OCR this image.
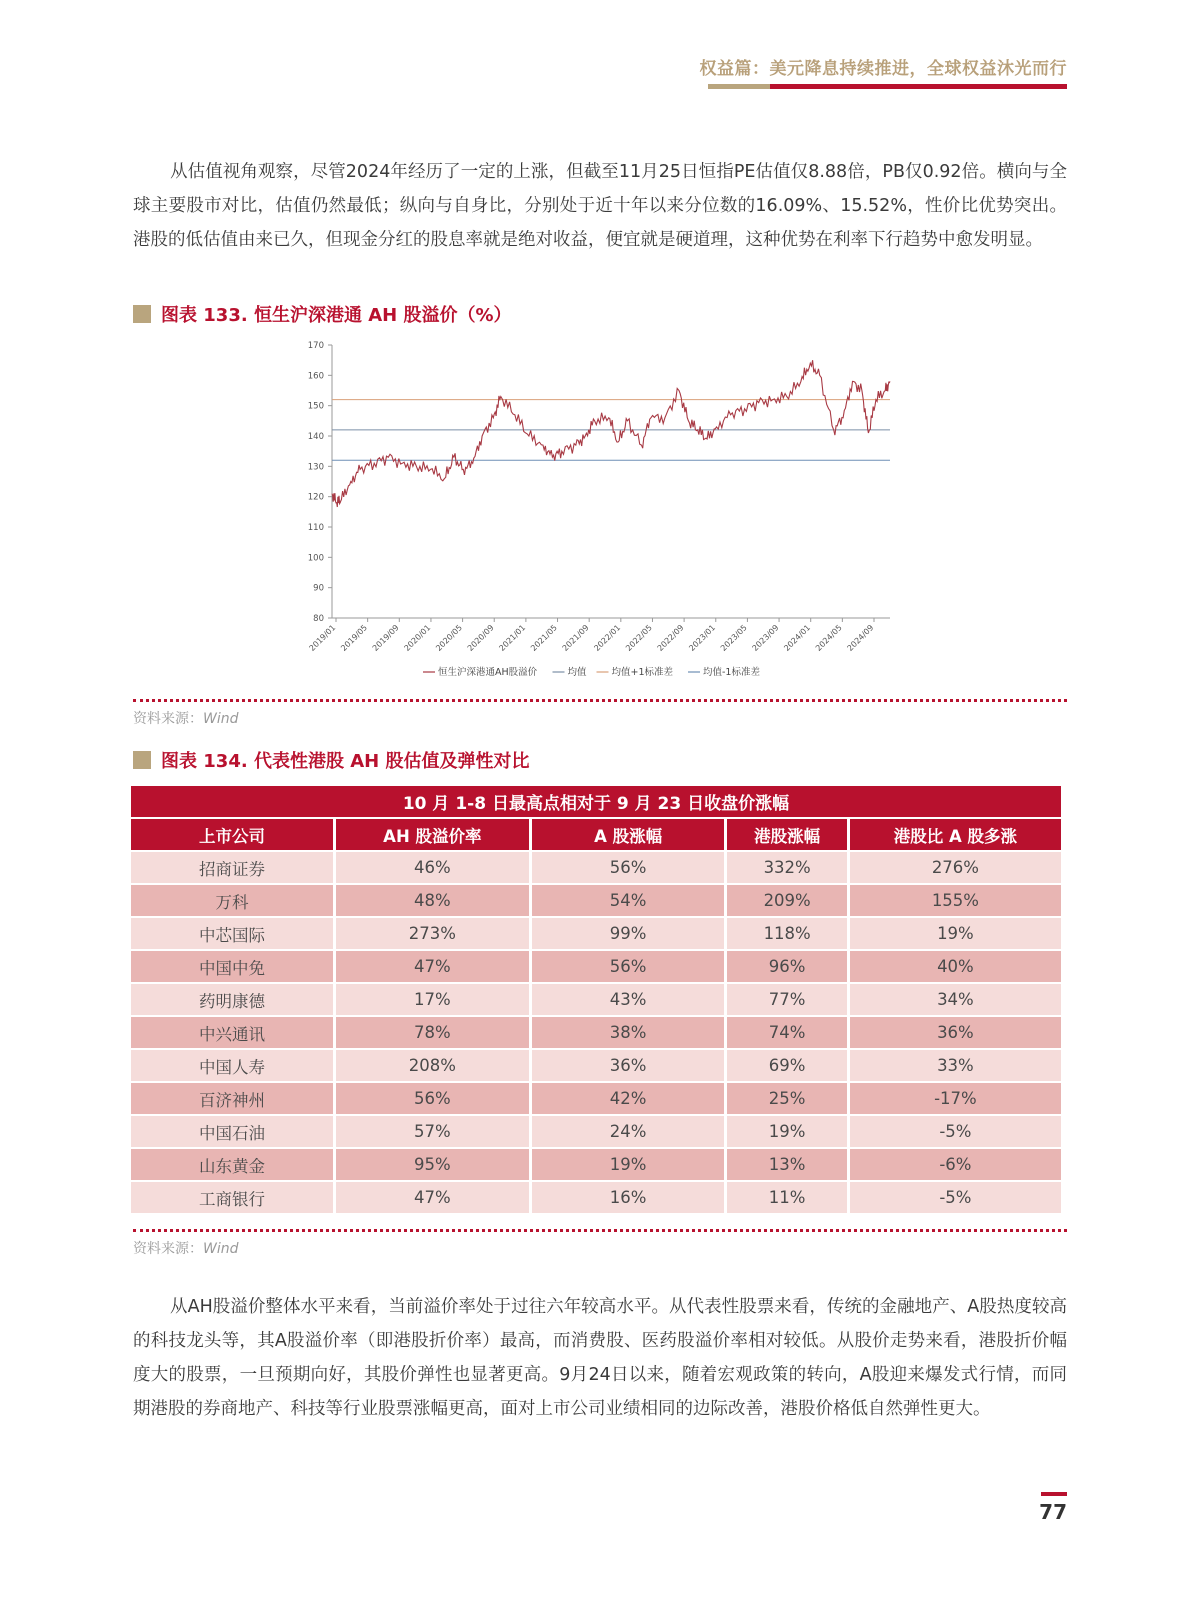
权益篇：美元降息持续推进，全球权益沐光而行

从估值视角观察，尽管2024年经历了一定的上涨，但截至11月25日恒指PE估值仅8.88倍，PB仅0.92倍。横向与全球主要股市对比，估值仍然最低；纵向与自身比，分别处于近十年以来分位数的16.09%、15.52%，性价比优势突出。港股的低估值由来已久，但现金分红的股息率就是绝对收益，便宜就是硬道理，这种优势在利率下行趋势中愈发明显。

图表 133. 恒生沪深港通 AH 股溢价（%）
80
90
100
110
120
130
140
150
160
170
2019/01 2019/05 2019/09 2020/01 2020/05 2020/09 2021/01 2021/05 2021/09 2022/01 2022/05 2022/09 2023/01 2023/05 2023/09 2024/01 2024/05 2024/09
恒生沪深港通AH股溢价	均值	均值+1标准差	均值-1标准差
资料来源：Wind
图表 134. 代表性港股 AH 股估值及弹性对比
10 月 1-8 日最高点相对于 9 月 23 日收盘价涨幅				
上市公司	AH 股溢价率	A 股涨幅	港股涨幅	港股比 A 股多涨
招商证券	46%	56%	332%	276%
万科	48%	54%	209%	155%
中芯国际	273%	99%	118%	19%
中国中免	47%	56%	96%	40%
药明康德	17%	43%	77%	34%
中兴通讯	78%	38%	74%	36%
中国人寿	208%	36%	69%	33%
百济神州	56%	42%	25%	-17%
中国石油	57%	24%	19%	-5%
山东黄金	95%	19%	13%	-6%
工商银行	47%	16%	11%	-5%
资料来源：Wind

从AH股溢价整体水平来看，当前溢价率处于过往六年较高水平。从代表性股票来看，传统的金融地产、A股热度较高的科技龙头等，其A股溢价率（即港股折价率）最高，而消费股、医药股溢价率相对较低。从股价走势来看，港股折价幅度大的股票，一旦预期向好，其股价弹性也显著更高。9月24日以来，随着宏观政策的转向，A股迎来爆发式行情，而同期港股的券商地产、科技等行业股票涨幅更高，面对上市公司业绩相同的边际改善，港股价格低自然弹性更大。

77
